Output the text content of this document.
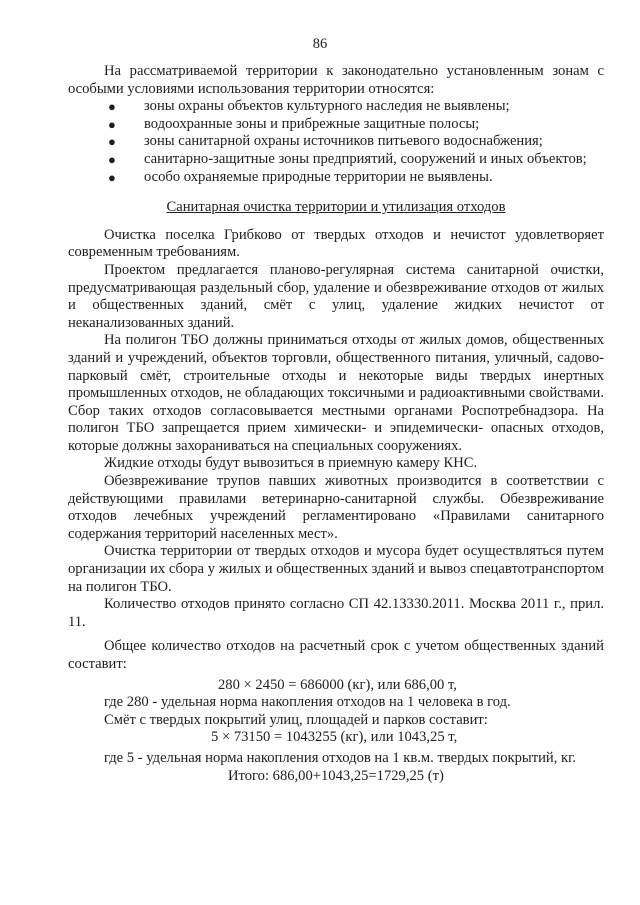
86

На рассматриваемой территории к законодательно установленным зонам с особыми условиями использования территории относятся:

● зоны охраны объектов культурного наследия не выявлены;
● водоохранные зоны и прибрежные защитные полосы;
● зоны санитарной охраны источников питьевого водоснабжения;
● санитарно-защитные зоны предприятий, сооружений и иных объектов;
● особо охраняемые природные территории не выявлены.

Санитарная очистка территории и утилизация отходов

Очистка поселка Грибково от твердых отходов и нечистот удовлетворяет современным требованиям.

Проектом предлагается планово-регулярная система санитарной очистки, предусматривающая раздельный сбор, удаление и обезвреживание отходов от жилых и общественных зданий, смёт с улиц, удаление жидких нечистот от неканализованных зданий.

На полигон ТБО должны приниматься отходы от жилых домов, общественных зданий и учреждений, объектов торговли, общественного питания, уличный, садово-парковый смёт, строительные отходы и некоторые виды твердых инертных промышленных отходов, не обладающих токсичными и радиоактивными свойствами. Сбор таких отходов согласовывается местными органами Роспотребнадзора. На полигон ТБО запрещается прием химически- и эпидемически- опасных отходов, которые должны захораниваться на специальных сооружениях.

Жидкие отходы будут вывозиться в приемную камеру КНС.

Обезвреживание трупов павших животных производится в соответствии с действующими правилами ветеринарно-санитарной службы. Обезвреживание отходов лечебных учреждений регламентировано «Правилами санитарного содержания территорий населенных мест».

Очистка территории от твердых отходов и мусора будет осуществляться путем организации их сбора у жилых и общественных зданий и вывоз спецавтотранспортом на полигон ТБО.

Количество отходов принято согласно СП 42.13330.2011. Москва 2011 г., прил. 11.

Общее количество отходов на расчетный срок с учетом общественных зданий составит:

280 × 2450 = 686000 (кг), или 686,00 т,

где 280 - удельная норма накопления отходов на 1 человека в год.

Смёт с твердых покрытий улиц, площадей и парков составит:

5 × 73150 = 1043255 (кг), или 1043,25 т,

где 5 - удельная норма накопления отходов на 1 кв.м. твердых покрытий, кг.

Итого: 686,00+1043,25=1729,25 (т)
